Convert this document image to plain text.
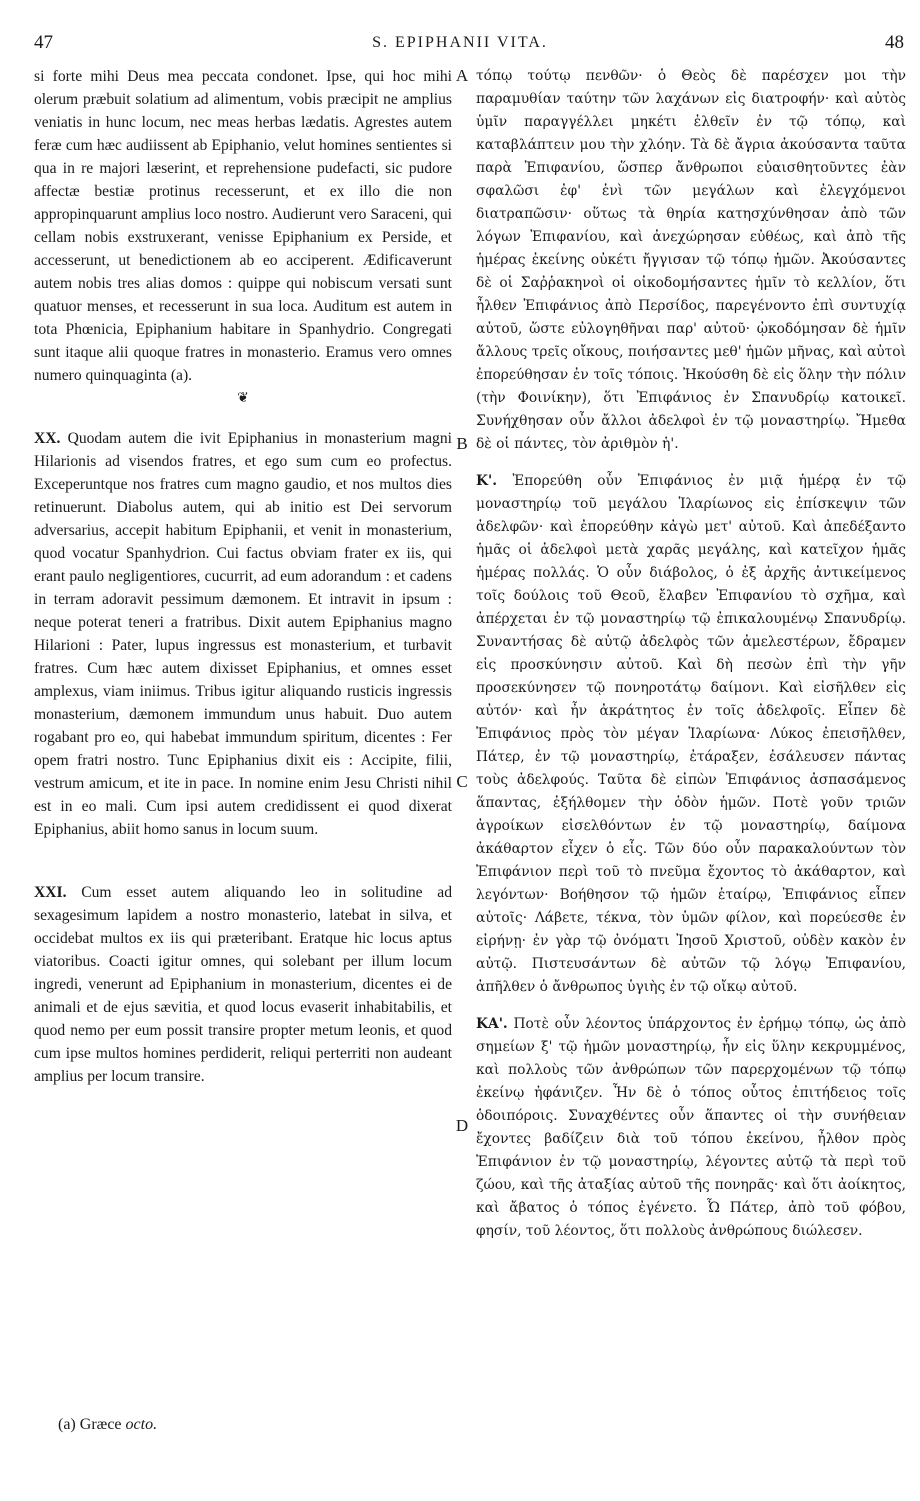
47	S. EPIPHANII VITA.	48
A
B
C
D

si forte mihi Deus mea peccata condonet. Ipse, qui hoc mihi olerum præbuit solatium ad alimentum, vobis præcipit ne amplius veniatis in hunc locum, nec meas herbas lædatis. Agrestes autem feræ cum hæc audiissent ab Epiphanio, velut homines sentientes si qua in re majori læserint, et reprehensione pudefacti, sic pudore affectæ bestiæ protinus recesserunt, et ex illo die non appropinquarunt amplius loco nostro. Audierunt vero Saraceni, qui cellam nobis exstruxerant, venisse Epiphanium ex Perside, et accesserunt, ut benedictionem ab eo acciperent. Ædificaverunt autem nobis tres alias domos : quippe qui nobiscum versati sunt quatuor menses, et recesserunt in sua loca. Auditum est autem in tota Phœnicia, Epiphanium habitare in Spanhydrio. Congregati sunt itaque alii quoque fratres in monasterio. Eramus vero omnes numero quinquaginta (a).

❦

XX. Quodam autem die ivit Epiphanius in monasterium magni Hilarionis ad visendos fratres, et ego sum cum eo profectus. Exceperuntque nos fratres cum magno gaudio, et nos multos dies retinuerunt. Diabolus autem, qui ab initio est Dei servorum adversarius, accepit habitum Epiphanii, et venit in monasterium, quod vocatur Spanhydrion. Cui factus obviam frater ex iis, qui erant paulo negligentiores, cucurrit, ad eum adorandum : et cadens in terram adoravit pessimum dæmonem. Et intravit in ipsum : neque poterat teneri a fratribus. Dixit autem Epiphanius magno Hilarioni : Pater, lupus ingressus est monasterium, et turbavit fratres. Cum hæc autem dixisset Epiphanius, et omnes esset amplexus, viam iniimus. Tribus igitur aliquando rusticis ingressis monasterium, dæmonem immundum unus habuit. Duo autem rogabant pro eo, qui habebat immundum spiritum, dicentes : Fer opem fratri nostro. Tunc Epiphanius dixit eis : Accipite, filii, vestrum amicum, et ite in pace. In nomine enim Jesu Christi nihil est in eo mali. Cum ipsi autem credidissent ei quod dixerat Epiphanius, abiit homo sanus in locum suum.

XXI. Cum esset autem aliquando leo in solitudine ad sexagesimum lapidem a nostro monasterio, latebat in silva, et occidebat multos ex iis qui præteribant. Eratque hic locus aptus viatoribus. Coacti igitur omnes, qui solebant per illum locum ingredi, venerunt ad Epiphanium in monasterium, dicentes ei de animali et de ejus sævitia, et quod locus evaserit inhabitabilis, et quod nemo per eum possit transire propter metum leonis, et quod cum ipse multos homines perdiderit, reliqui perterriti non audeant amplius per locum transire.

τόπῳ τούτῳ πενθῶν· ὁ Θεὸς δὲ παρέσχεν μοι τὴν παραμυθίαν ταύτην τῶν λαχάνων εἰς διατροφήν· καὶ αὐτὸς ὑμῖν παραγγέλλει μηκέτι ἐλθεῖν ἐν τῷ τόπῳ, καὶ καταβλάπτειν μου τὴν χλόην. Τὰ δὲ ἄγρια ἀκούσαντα ταῦτα παρὰ Ἐπιφανίου, ὥσπερ ἄνθρωποι εὐαισθητοῦντες ἐὰν σφαλῶσι ἐφ' ἑνὶ τῶν μεγάλων καὶ ἐλεγχόμενοι διατραπῶσιν· οὕτως τὰ θηρία κατησχύνθησαν ἀπὸ τῶν λόγων Ἐπιφανίου, καὶ ἀνεχώρησαν εὐθέως, καὶ ἀπὸ τῆς ἡμέρας ἐκείνης οὐκέτι ἤγγισαν τῷ τόπῳ ἡμῶν. Ἀκούσαντες δὲ οἱ Σαῤῥακηνοὶ οἱ οἰκοδομήσαντες ἡμῖν τὸ κελλίον, ὅτι ἦλθεν Ἐπιφάνιος ἀπὸ Περσίδος, παρεγένοντο ἐπὶ συντυχίᾳ αὐτοῦ, ὥστε εὐλογηθῆναι παρ' αὐτοῦ· ᾠκοδόμησαν δὲ ἡμῖν ἄλλους τρεῖς οἴκους, ποιήσαντες μεθ' ἡμῶν μῆνας, καὶ αὐτοὶ ἐπορεύθησαν ἐν τοῖς τόποις. Ἠκούσθη δὲ εἰς ὅλην τὴν πόλιν (τὴν Φοινίκην), ὅτι Ἐπιφάνιος ἐν Σπανυδρίῳ κατοικεῖ. Συνήχθησαν οὖν ἄλλοι ἀδελφοὶ ἐν τῷ μοναστηρίῳ. Ἤμεθα δὲ οἱ πάντες, τὸν ἀριθμὸν ἡ'.

Κ'. Ἐπορεύθη οὖν Ἐπιφάνιος ἐν μιᾷ ἡμέρᾳ ἐν τῷ μοναστηρίῳ τοῦ μεγάλου Ἱλαρίωνος εἰς ἐπίσκεψιν τῶν ἀδελφῶν· καὶ ἐπορεύθην κἀγὼ μετ' αὐτοῦ. Καὶ ἀπεδέξαντο ἡμᾶς οἱ ἀδελφοὶ μετὰ χαρᾶς μεγάλης, καὶ κατεῖχον ἡμᾶς ἡμέρας πολλάς. Ὁ οὖν διάβολος, ὁ ἐξ ἀρχῆς ἀντικείμενος τοῖς δούλοις τοῦ Θεοῦ, ἔλαβεν Ἐπιφανίου τὸ σχῆμα, καὶ ἀπέρχεται ἐν τῷ μοναστηρίῳ τῷ ἐπικαλουμένῳ Σπανυδρίῳ. Συναντήσας δὲ αὐτῷ ἀδελφὸς τῶν ἀμελεστέρων, ἔδραμεν εἰς προσκύνησιν αὐτοῦ. Καὶ δὴ πεσὼν ἐπὶ τὴν γῆν προσεκύνησεν τῷ πονηροτάτῳ δαίμονι. Καὶ εἰσῆλθεν εἰς αὐτόν· καὶ ἦν ἀκράτητος ἐν τοῖς ἀδελφοῖς. Εἶπεν δὲ Ἐπιφάνιος πρὸς τὸν μέγαν Ἱλαρίωνα· Λύκος ἐπεισῆλθεν, Πάτερ, ἐν τῷ μοναστηρίῳ, ἐτάραξεν, ἐσάλευσεν πάντας τοὺς ἀδελφούς. Ταῦτα δὲ εἰπὼν Ἐπιφάνιος ἀσπασάμενος ἅπαντας, ἐξήλθομεν τὴν ὁδὸν ἡμῶν. Ποτὲ γοῦν τριῶν ἀγροίκων εἰσελθόντων ἐν τῷ μοναστηρίῳ, δαίμονα ἀκάθαρτον εἶχεν ὁ εἷς. Τῶν δύο οὖν παρακαλούντων τὸν Ἐπιφάνιον περὶ τοῦ τὸ πνεῦμα ἔχοντος τὸ ἀκάθαρτον, καὶ λεγόντων· Βοήθησον τῷ ἡμῶν ἑταίρῳ, Ἐπιφάνιος εἶπεν αὐτοῖς· Λάβετε, τέκνα, τὸν ὑμῶν φίλον, καὶ πορεύεσθε ἐν εἰρήνῃ· ἐν γὰρ τῷ ὀνόματι Ἰησοῦ Χριστοῦ, οὐδὲν κακὸν ἐν αὐτῷ. Πιστευσάντων δὲ αὐτῶν τῷ λόγῳ Ἐπιφανίου, ἀπῆλθεν ὁ ἄνθρωπος ὑγιὴς ἐν τῷ οἴκῳ αὐτοῦ.

ΚΑ'. Ποτὲ οὖν λέοντος ὑπάρχοντος ἐν ἐρήμῳ τόπῳ, ὡς ἀπὸ σημείων ξ' τῷ ἡμῶν μοναστηρίῳ, ἦν εἰς ὕλην κεκρυμμένος, καὶ πολλοὺς τῶν ἀνθρώπων τῶν παρερχομένων τῷ τόπῳ ἐκείνῳ ἠφάνιζεν. Ἦν δὲ ὁ τόπος οὗτος ἐπιτήδειος τοῖς ὁδοιπόροις. Συναχθέντες οὖν ἅπαντες οἱ τὴν συνήθειαν ἔχοντες βαδίζειν διὰ τοῦ τόπου ἐκείνου, ἦλθον πρὸς Ἐπιφάνιον ἐν τῷ μοναστηρίῳ, λέγοντες αὐτῷ τὰ περὶ τοῦ ζώου, καὶ τῆς ἀταξίας αὐτοῦ τῆς πονηρᾶς· καὶ ὅτι ἀοίκητος, καὶ ἄβατος ὁ τόπος ἐγένετο. Ὦ Πάτερ, ἀπὸ τοῦ φόβου, φησίν, τοῦ λέοντος, ὅτι πολλοὺς ἀνθρώπους διώλεσεν.

(a) Græce octo.
